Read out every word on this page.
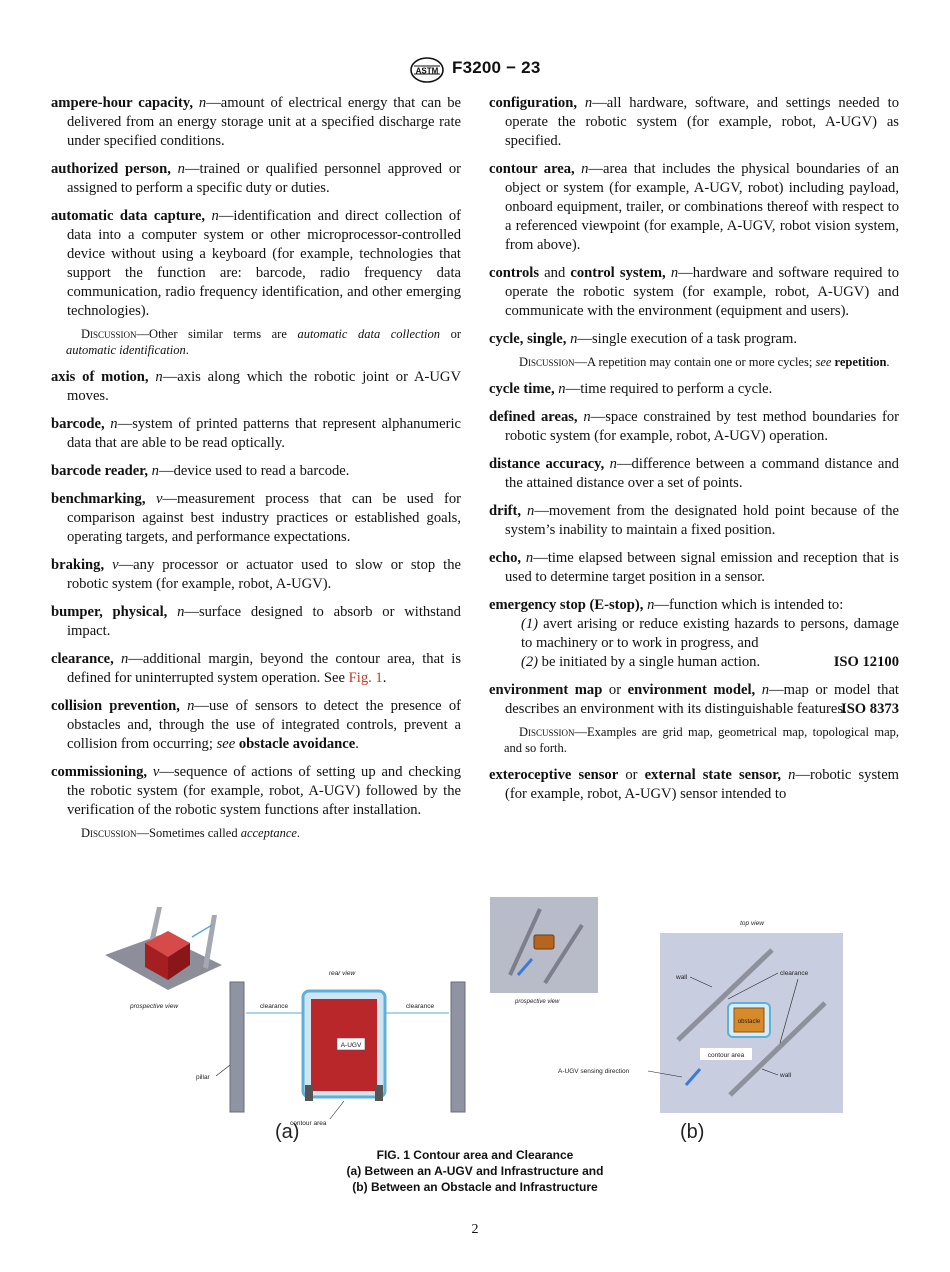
ASTM F3200 − 23

ampere-hour capacity, n—amount of electrical energy that can be delivered from an energy storage unit at a specified discharge rate under specified conditions.

authorized person, n—trained or qualified personnel approved or assigned to perform a specific duty or duties.

automatic data capture, n—identification and direct collection of data into a computer system or other microprocessor-controlled device without using a keyboard (for example, technologies that support the function are: barcode, radio frequency data communication, radio frequency identification, and other emerging technologies).

Discussion—Other similar terms are automatic data collection or automatic identification.

axis of motion, n—axis along which the robotic joint or A-UGV moves.

barcode, n—system of printed patterns that represent alphanumeric data that are able to be read optically.

barcode reader, n—device used to read a barcode.

benchmarking, v—measurement process that can be used for comparison against best industry practices or established goals, operating targets, and performance expectations.

braking, v—any processor or actuator used to slow or stop the robotic system (for example, robot, A-UGV).

bumper, physical, n—surface designed to absorb or withstand impact.

clearance, n—additional margin, beyond the contour area, that is defined for uninterrupted system operation. See Fig. 1.

collision prevention, n—use of sensors to detect the presence of obstacles and, through the use of integrated controls, prevent a collision from occurring; see obstacle avoidance.

commissioning, v—sequence of actions of setting up and checking the robotic system (for example, robot, A-UGV) followed by the verification of the robotic system functions after installation.

Discussion—Sometimes called acceptance.

configuration, n—all hardware, software, and settings needed to operate the robotic system (for example, robot, A-UGV) as specified.

contour area, n—area that includes the physical boundaries of an object or system (for example, A-UGV, robot) including payload, onboard equipment, trailer, or combinations thereof with respect to a referenced viewpoint (for example, A-UGV, robot vision system, from above).

controls and control system, n—hardware and software required to operate the robotic system (for example, robot, A-UGV) and communicate with the environment (equipment and users).

cycle, single, n—single execution of a task program.

Discussion—A repetition may contain one or more cycles; see repetition.

cycle time, n—time required to perform a cycle.

defined areas, n—space constrained by test method boundaries for robotic system (for example, robot, A-UGV) operation.

distance accuracy, n—difference between a command distance and the attained distance over a set of points.

drift, n—movement from the designated hold point because of the system’s inability to maintain a fixed position.

echo, n—time elapsed between signal emission and reception that is used to determine target position in a sensor.

emergency stop (E-stop), n—function which is intended to:
(1) avert arising or reduce existing hazards to persons, damage to machinery or to work in progress, and
(2) be initiated by a single human action.	ISO 12100
environment map or environment model, n—map or model that describes an environment with its distinguishable features.
ISO 8373

Discussion—Examples are grid map, geometrical map, topological map, and so forth.

exteroceptive sensor or external state sensor, n—robotic system (for example, robot, A-UGV) sensor intended to

prospective view
rear view
A-UGV
clearance	clearance
pillar
contour area
(a)
prospective view
top view
obstacle
contour area
clearance
wall
wall
A-UGV sensing direction
(b)
FIG. 1 Contour area and Clearance
(a) Between an A-UGV and Infrastructure and
(b) Between an Obstacle and Infrastructure
2
